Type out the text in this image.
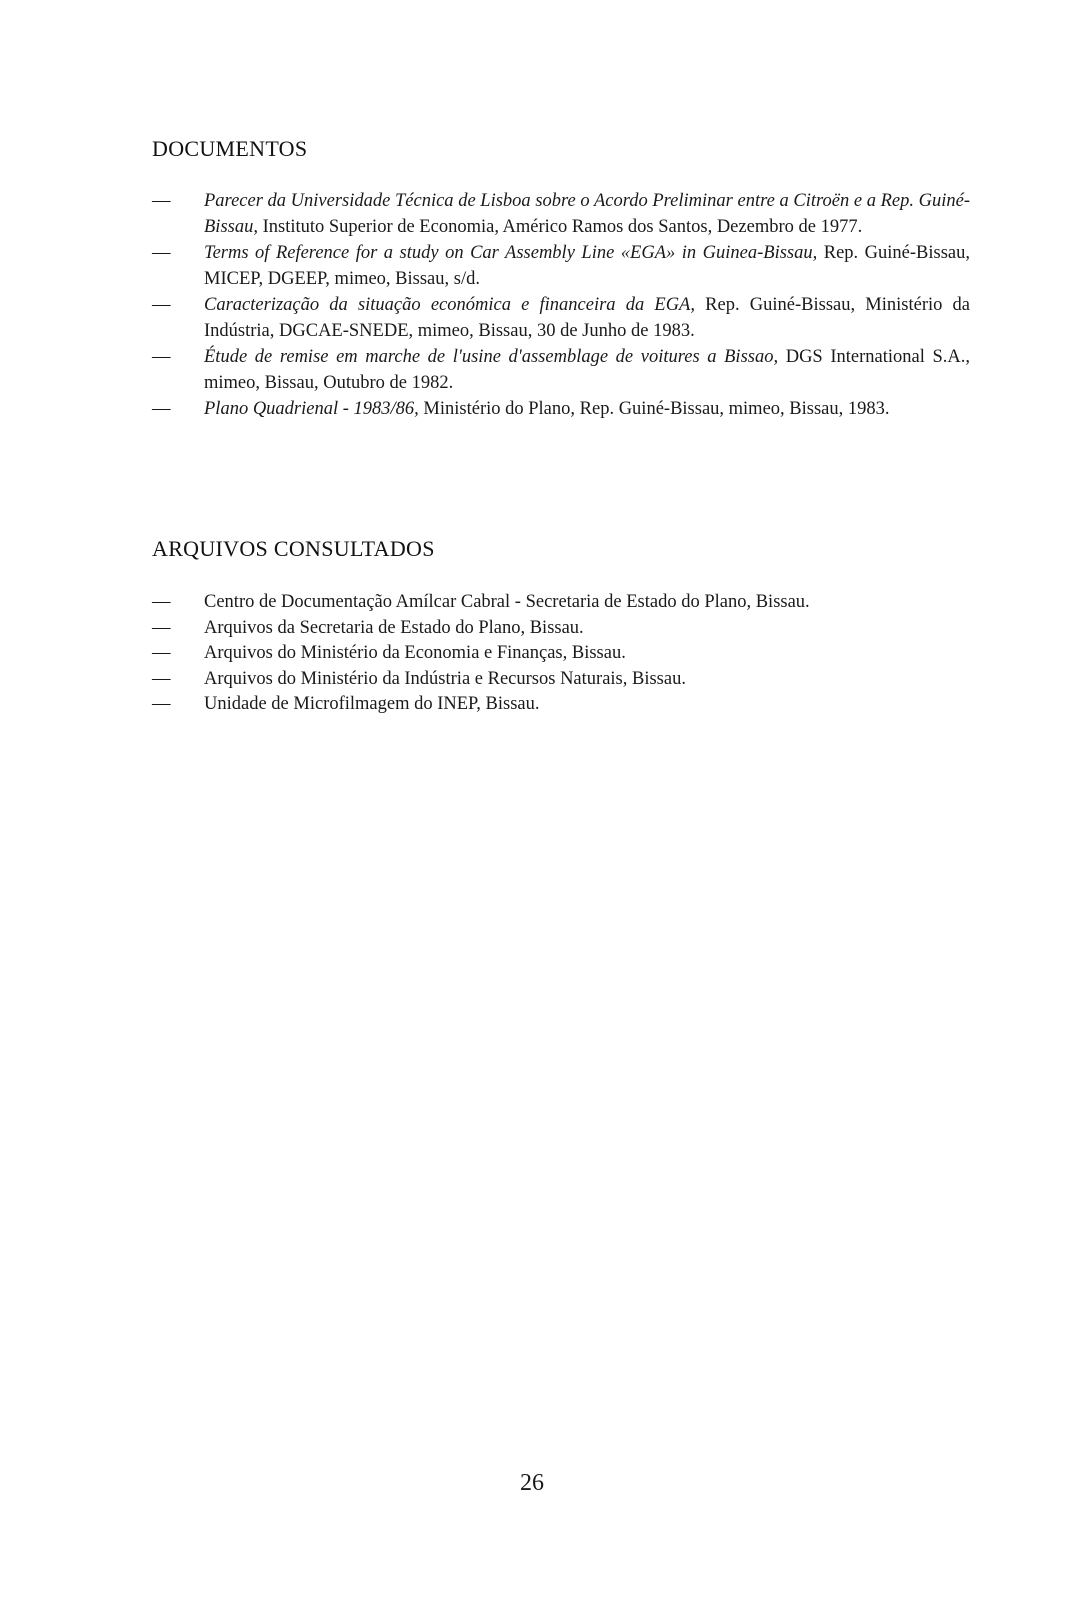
DOCUMENTOS
—	Parecer da Universidade Técnica de Lisboa sobre o Acordo Preliminar entre a Citroën e a Rep. Guiné-Bissau, Instituto Superior de Economia, Américo Ramos dos Santos, Dezembro de 1977.
—	Terms of Reference for a study on Car Assembly Line «EGA» in Guinea-Bissau, Rep. Guiné-Bissau, MICEP, DGEEP, mimeo, Bissau, s/d.
—	Caracterização da situação económica e financeira da EGA, Rep. Guiné-Bissau, Ministério da Indústria, DGCAE-SNEDE, mimeo, Bissau, 30 de Junho de 1983.
—	Étude de remise em marche de l'usine d'assemblage de voitures a Bissao, DGS International S.A., mimeo, Bissau, Outubro de 1982.
—	Plano Quadrienal - 1983/86, Ministério do Plano, Rep. Guiné-Bissau, mimeo, Bissau, 1983.
ARQUIVOS CONSULTADOS
—	Centro de Documentação Amílcar Cabral - Secretaria de Estado do Plano, Bissau.
—	Arquivos da Secretaria de Estado do Plano, Bissau.
—	Arquivos do Ministério da Economia e Finanças, Bissau.
—	Arquivos do Ministério da Indústria e Recursos Naturais, Bissau.
—	Unidade de Microfilmagem do INEP, Bissau.
26
